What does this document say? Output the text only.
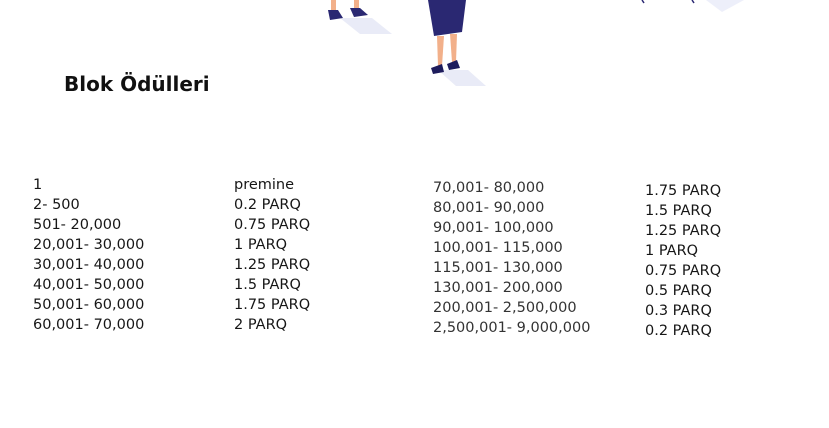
Blok Ödülleri
1
2- 500
501- 20,000
20,001- 30,000
30,001- 40,000
40,001- 50,000
50,001- 60,000
60,001- 70,000
premine
0.2 PARQ
0.75 PARQ
1 PARQ
1.25 PARQ
1.5 PARQ
1.75 PARQ
2 PARQ
70,001- 80,000
80,001- 90,000
90,001- 100,000
100,001- 115,000
115,001- 130,000
130,001- 200,000
200,001- 2,500,000
2,500,001- 9,000,000
1.75 PARQ
1.5 PARQ
1.25 PARQ
1 PARQ
0.75 PARQ
0.5 PARQ
0.3 PARQ
0.2 PARQ
